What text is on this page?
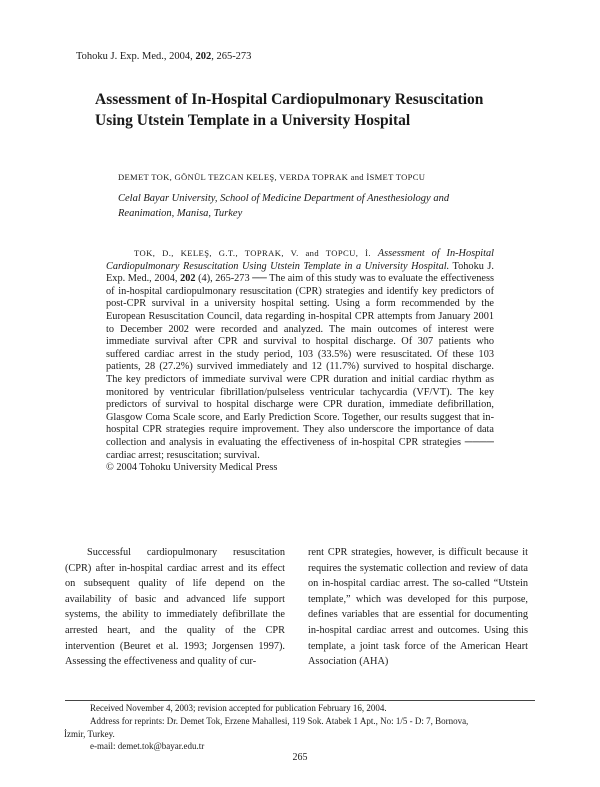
Tohoku J. Exp. Med., 2004, 202, 265-273
Assessment of In-Hospital Cardiopulmonary Resuscitation Using Utstein Template in a University Hospital
DEMET TOK, GÖNÜL TEZCAN KELEŞ, VERDA TOPRAK and İSMET TOPCU
Celal Bayar University, School of Medicine Department of Anesthesiology and Reanimation, Manisa, Turkey
TOK, D., KELEŞ, G.T., TOPRAK, V. and TOPCU, İ. Assessment of In-Hospital Cardiopulmonary Resuscitation Using Utstein Template in a University Hospital. Tohoku J. Exp. Med., 2004, 202 (4), 265-273 ── The aim of this study was to evaluate the effectiveness of in-hospital cardiopulmonary resuscitation (CPR) strategies and identify key predictors of post-CPR survival in a university hospital setting. Using a form recommended by the European Resuscitation Council, data regarding in-hospital CPR attempts from January 2001 to December 2002 were recorded and analyzed. The main outcomes of interest were immediate survival after CPR and survival to hospital discharge. Of 307 patients who suffered cardiac arrest in the study period, 103 (33.5%) were resuscitated. Of these 103 patients, 28 (27.2%) survived immediately and 12 (11.7%) survived to hospital discharge. The key predictors of immediate survival were CPR duration and initial cardiac rhythm as monitored by ventricular fibrillation/pulseless ventricular tachycardia (VF/VT). The key predictors of survival to hospital discharge were CPR duration, immediate defibrillation, Glasgow Coma Scale score, and Early Prediction Score. Together, our results suggest that in-hospital CPR strategies require improvement. They also underscore the importance of data collection and analysis in evaluating the effectiveness of in-hospital CPR strategies ──── cardiac arrest; resuscitation; survival.
© 2004 Tohoku University Medical Press

Successful cardiopulmonary resuscitation (CPR) after in-hospital cardiac arrest and its effect on subsequent quality of life depend on the availability of basic and advanced life support systems, the ability to immediately defibrillate the arrested heart, and the quality of the CPR intervention (Beuret et al. 1993; Jorgensen 1997). Assessing the effectiveness and quality of cur-

rent CPR strategies, however, is difficult because it requires the systematic collection and review of data on in-hospital cardiac arrest. The so-called “Utstein template,” which was developed for this purpose, defines variables that are essential for documenting in-hospital cardiac arrest and outcomes. Using this template, a joint task force of the American Heart Association (AHA)

Received November 4, 2003; revision accepted for publication February 16, 2004.
Address for reprints: Dr. Demet Tok, Erzene Mahallesi, 119 Sok. Atabek 1 Apt., No: 1/5 - D: 7, Bornova,
İzmir, Turkey.
e-mail: demet.tok@bayar.edu.tr
265
